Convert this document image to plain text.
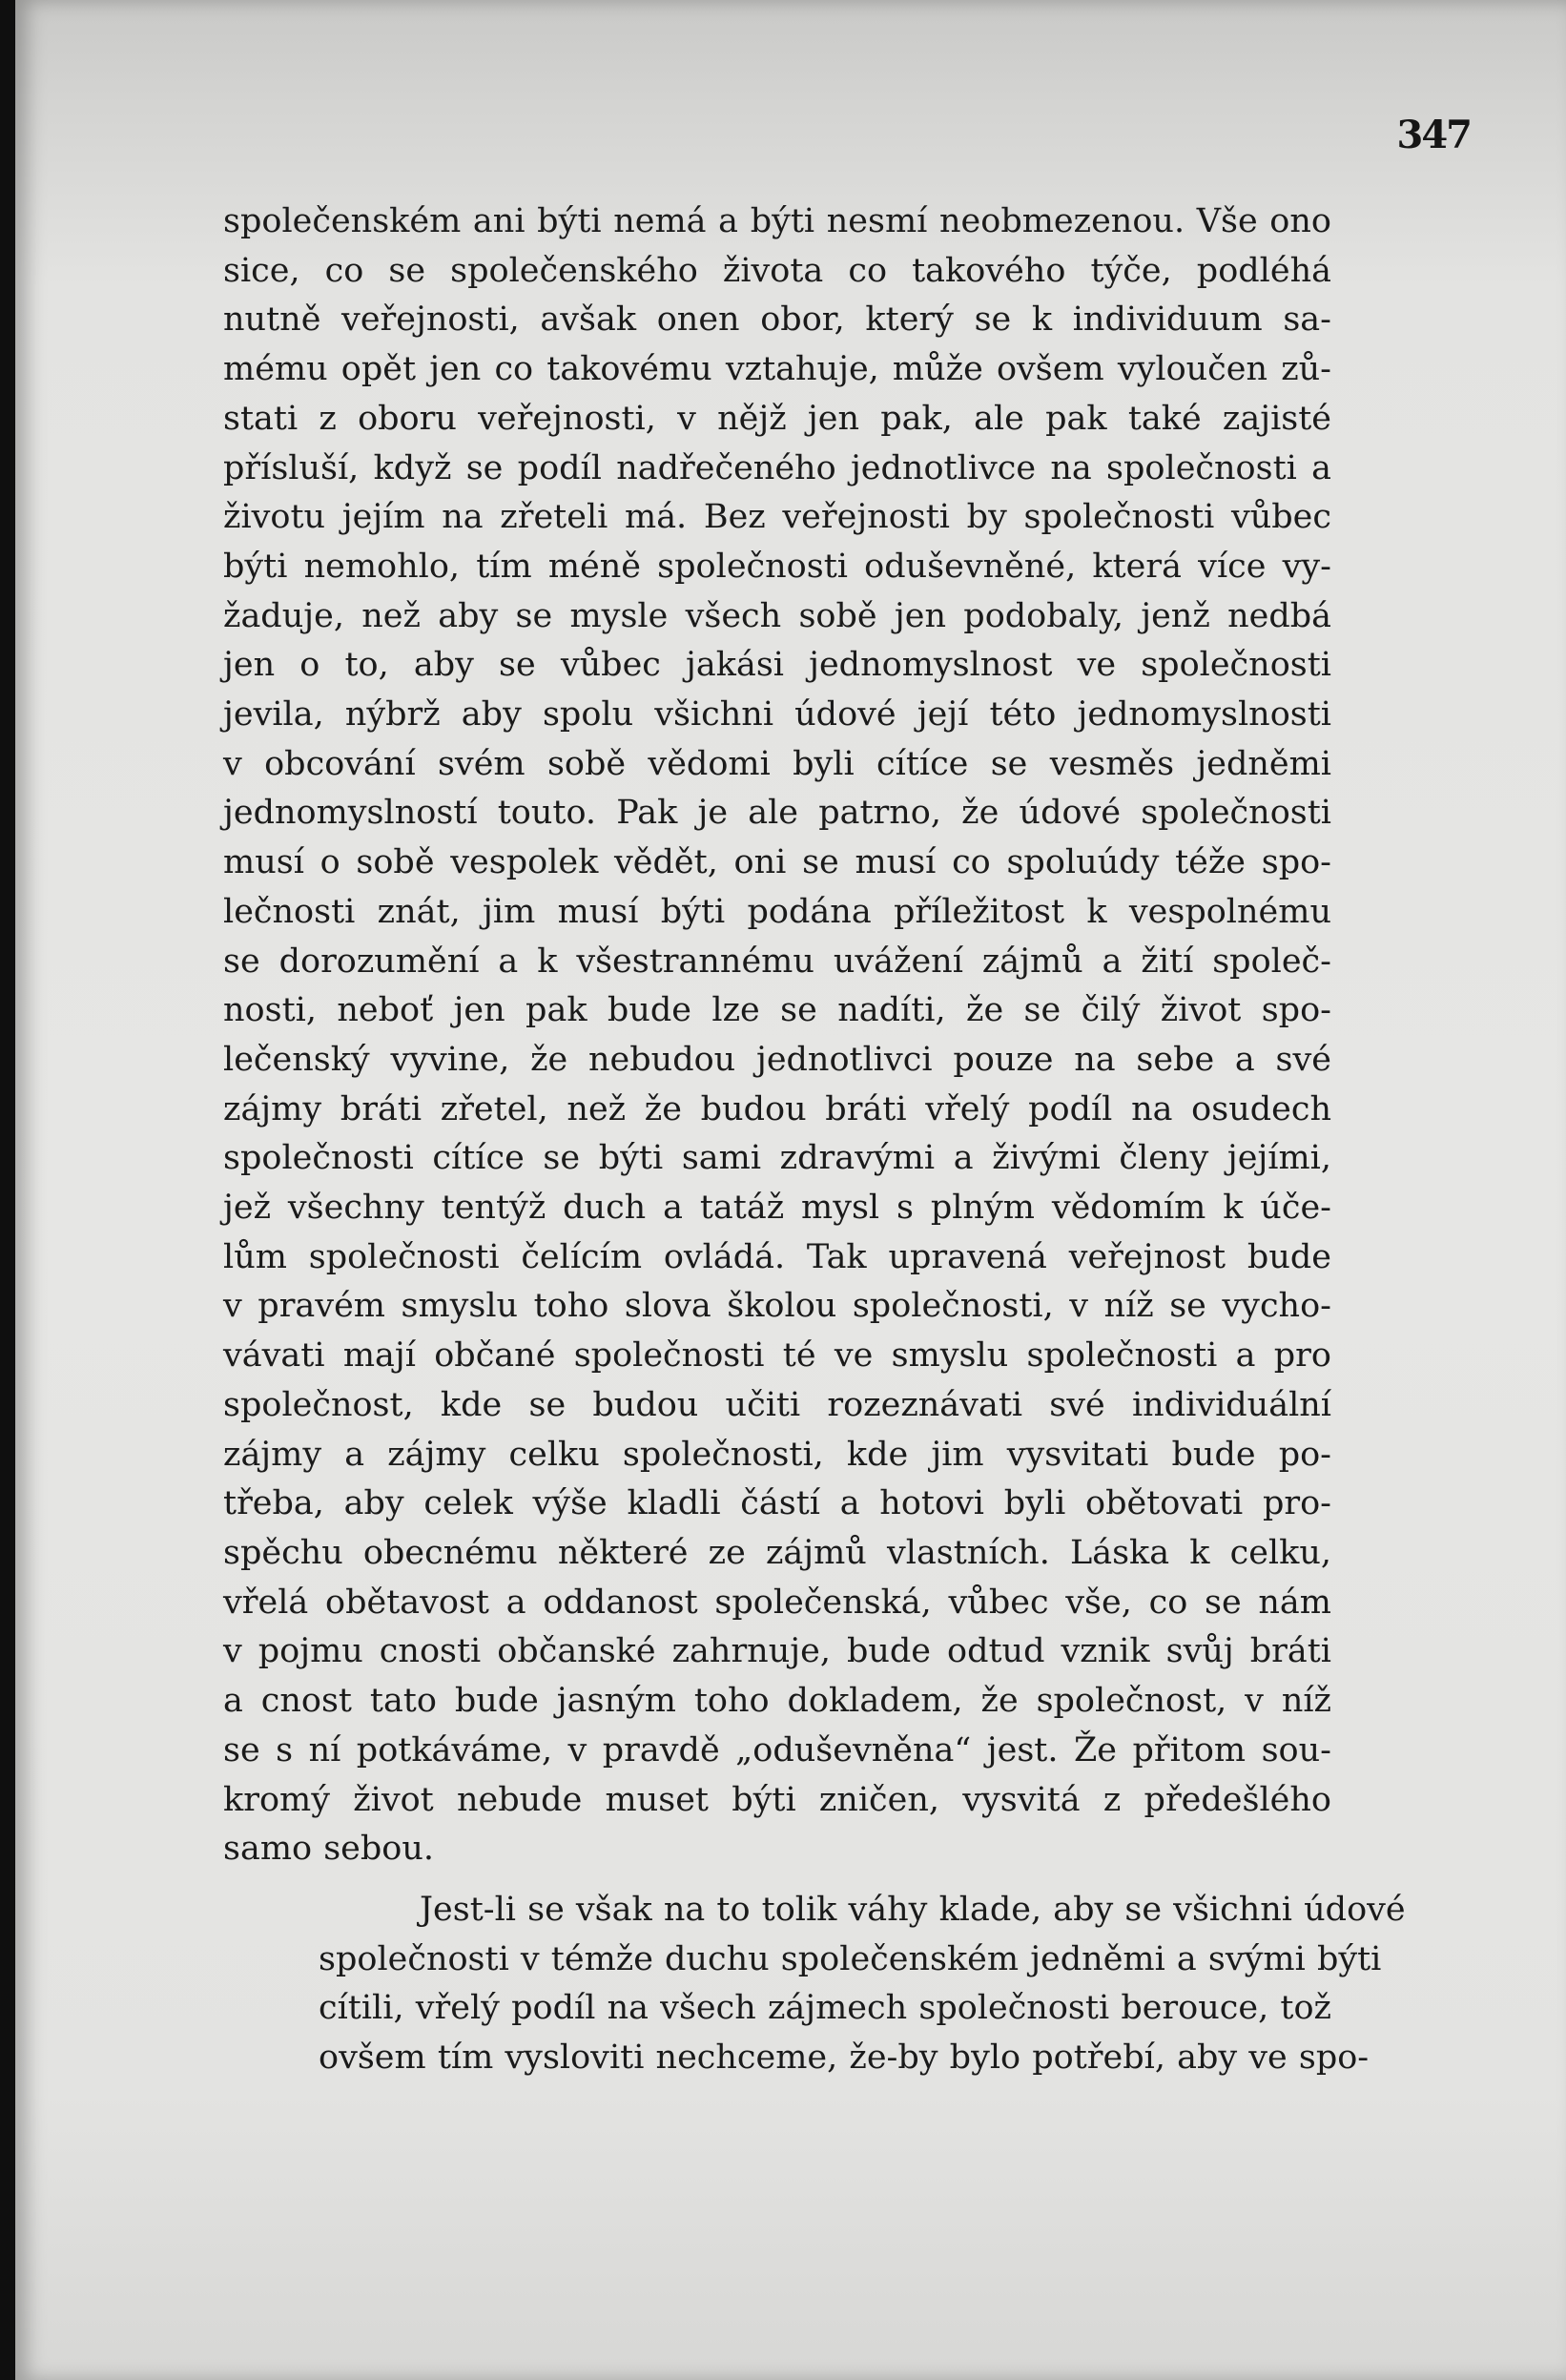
347
společenském ani býti nemá a býti nesmí neobmezenou. Vše ono
sice, co se společenského života co takového týče, podléhá
nutně veřejnosti, avšak onen obor, který se k individuum sa-
mému opět jen co takovému vztahuje, může ovšem vyloučen zů-
stati z oboru veřejnosti, v nějž jen pak, ale pak také zajisté
přísluší, když se podíl nadřečeného jednotlivce na společnosti a
životu jejím na zřeteli má. Bez veřejnosti by společnosti vůbec
býti nemohlo, tím méně společnosti oduševněné, která více vy-
žaduje, než aby se mysle všech sobě jen podobaly, jenž nedbá
jen o to, aby se vůbec jakási jednomyslnost ve společnosti
jevila, nýbrž aby spolu všichni údové její této jednomyslnosti
v obcování svém sobě vědomi byli cítíce se vesměs jedněmi
jednomyslností touto. Pak je ale patrno, že údové společnosti
musí o sobě vespolek vědět, oni se musí co spoluúdy téže spo-
lečnosti znát, jim musí býti podána příležitost k vespolnému
se dorozumění a k všestrannému uvážení zájmů a žití společ-
nosti, neboť jen pak bude lze se nadíti, že se čilý život spo-
lečenský vyvine, že nebudou jednotlivci pouze na sebe a své
zájmy bráti zřetel, než že budou bráti vřelý podíl na osudech
společnosti cítíce se býti sami zdravými a živými členy jejími,
jež všechny tentýž duch a tatáž mysl s plným vědomím k úče-
lům společnosti čelícím ovládá. Tak upravená veřejnost bude
v pravém smyslu toho slova školou společnosti, v níž se vycho-
vávati mají občané společnosti té ve smyslu společnosti a pro
společnost, kde se budou učiti rozeznávati své individuální
zájmy a zájmy celku společnosti, kde jim vysvitati bude po-
třeba, aby celek výše kladli částí a hotovi byli obětovati pro-
spěchu obecnému některé ze zájmů vlastních. Láska k celku,
vřelá obětavost a oddanost společenská, vůbec vše, co se nám
v pojmu cnosti občanské zahrnuje, bude odtud vznik svůj bráti
a cnost tato bude jasným toho dokladem, že společnost, v níž
se s ní potkáváme, v pravdě „oduševněna“ jest. Že přitom sou-
kromý život nebude muset býti zničen, vysvitá z předešlého
samo sebou.
Jest-li se však na to tolik váhy klade, aby se všichni údové
společnosti v témže duchu společenském jedněmi a svými býti
cítili, vřelý podíl na všech zájmech společnosti berouce, tož
ovšem tím vysloviti nechceme, že-by bylo potřebí, aby ve spo-
